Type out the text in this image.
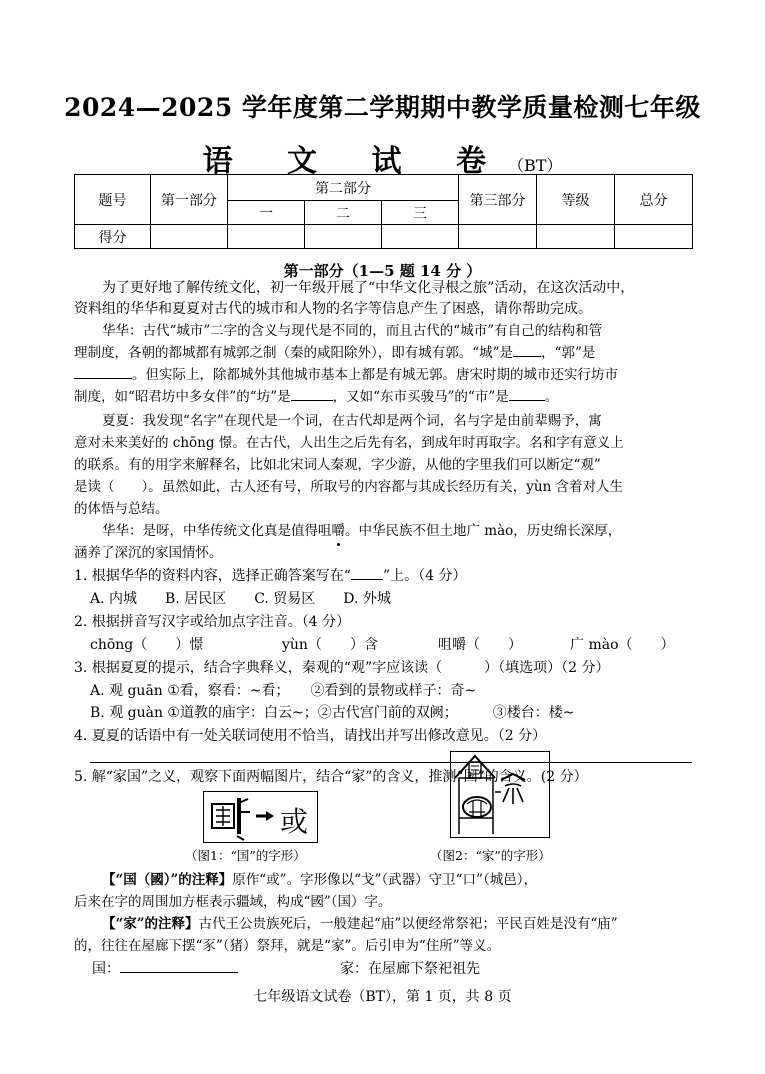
2024—2025 学年度第二学期期中教学质量检测七年级
语 文 试 卷（BT）
题号	第一部分	第二部分			第三部分	等级	总分
		一	二	三			
得分							
第一部分（1—5 题 14 分 ）
为了更好地了解传统文化，初一年级开展了“中华文化寻根之旅”活动，在这次活动中，
资料组的华华和夏夏对古代的城市和人物的名字等信息产生了困惑，请你帮助完成。
华华：古代“城市”二字的含义与现代是不同的，而且古代的“城市”有自己的结构和管
理制度，各朝的都城都有城郭之制（秦的咸阳除外），即有城有郭。“城”是 ，“郭”是
。但实际上，除都城外其他城市基本上都是有城无郭。唐宋时期的城市还实行坊市
制度，如“昭君坊中多女伴”的“坊”是	，又如“东市买骏马”的“市”是	。
夏夏：我发现“名字”在现代是一个词，在古代却是两个词，名与字是由前辈赐予，寓
意对未来美好的 chōng 憬。在古代，人出生之后先有名，到成年时再取字。名和字有意义上
的联系。有的用字来解释名，比如北宋词人秦观，字少游，从他的字里我们可以断定“观”
是读（　　）。虽然如此，古人还有号，所取号的内容都与其成长经历有关，yùn 含着对人生
的体悟与总结。
华华：是呀，中华传统文化真是值得咀嚼。中华民族不但土地广 mào，历史绵长深厚，
涵养了深沉的家国情怀。
1. 根据华华的资料内容，选择正确答案写在“ ”上。（4 分）
A. 内城　　B. 居民区　　C. 贸易区　　D. 外城
2. 根据拼音写汉字或给加点字注音。（4 分）
chōng（　　）憬	yùn（　　）含	咀嚼（　　）	广 mào（　　）
3. 根据夏夏的提示，结合字典释义，秦观的“观”字应该读（　　　）（填选项）（2 分）
A. 观 guān ①看，察看：~看；　　②看到的景物或样子：奇~
B. 观 guàn ①道教的庙宇：白云~；②古代宫门前的双阙；　　　③楼台：楼~
4. 夏夏的话语中有一处关联词使用不恰当，请找出并写出修改意见。（2 分）
5. 解“家国”之义，观察下面两幅图片，结合“家”的含义，推测“国”的含义。(2 分）
或
（图1：“国”的字形）	（图2：“家”的字形）
【“国（國）”的注释】原作“或”。字形像以“戈”（武器）守卫“口”（城邑），
后来在字的周围加方框表示疆域，构成“國”（国）字。
【“家”的注释】古代王公贵族死后，一般建起“庙”以便经常祭祀；平民百姓是没有“庙”
的，往往在屋廊下摆“豕”（猪）祭拜，就是“家”。后引申为“住所”等义。
国：	家：在屋廊下祭祀祖先
七年级语文试卷（BT），第 1 页，共 8 页
